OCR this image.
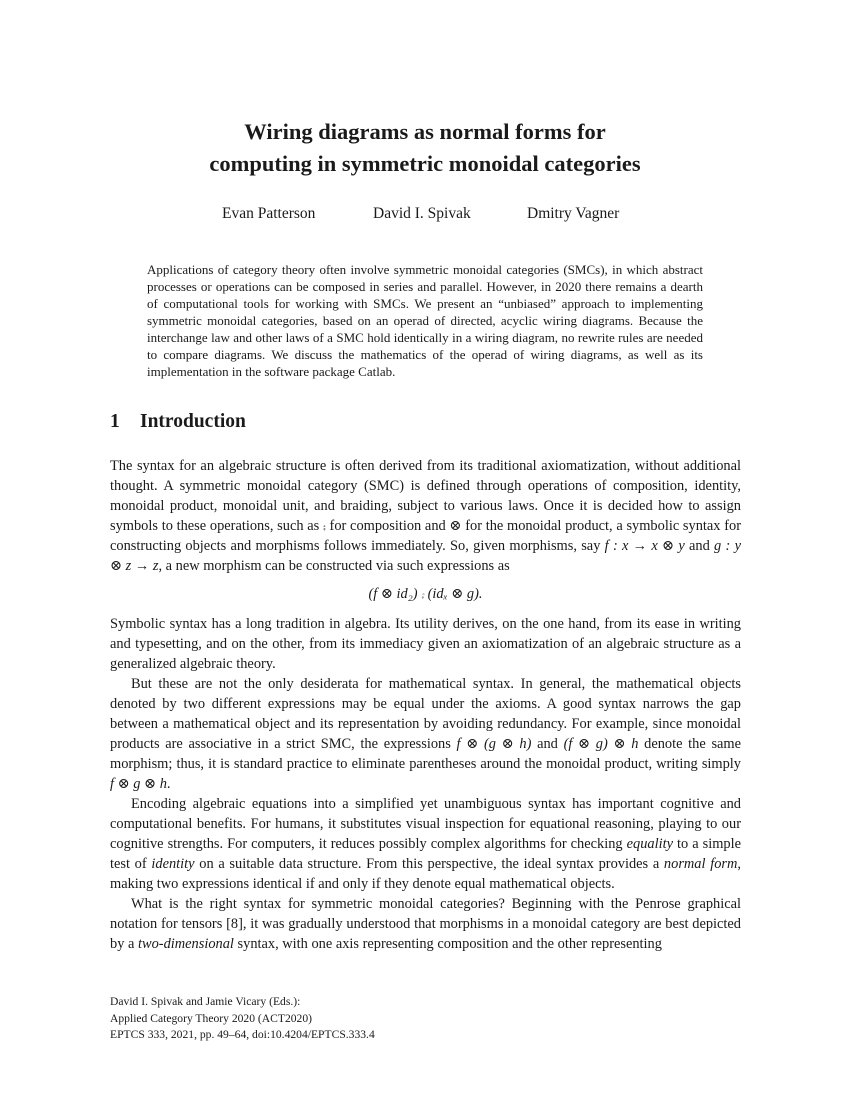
Wiring diagrams as normal forms for
computing in symmetric monoidal categories
Evan Patterson	David I. Spivak	Dmitry Vagner

Applications of category theory often involve symmetric monoidal categories (SMCs), in which abstract processes or operations can be composed in series and parallel. However, in 2020 there remains a dearth of computational tools for working with SMCs. We present an “unbiased” approach to implementing symmetric monoidal categories, based on an operad of directed, acyclic wiring diagrams. Because the interchange law and other laws of a SMC hold identically in a wiring diagram, no rewrite rules are needed to compare diagrams. We discuss the mathematics of the operad of wiring diagrams, as well as its implementation in the software package Catlab.

1 Introduction

The syntax for an algebraic structure is often derived from its traditional axiomatization, without additional thought. A symmetric monoidal category (SMC) is defined through operations of composition, identity, monoidal product, monoidal unit, and braiding, subject to various laws. Once it is decided how to assign symbols to these operations, such as ⨾ for composition and ⊗ for the monoidal product, a symbolic syntax for constructing objects and morphisms follows immediately. So, given morphisms, say f : x → x ⊗ y and g : y ⊗ z → z, a new morphism can be constructed via such expressions as

(f ⊗ id₂) ⨾ (idₓ ⊗ g).

Symbolic syntax has a long tradition in algebra. Its utility derives, on the one hand, from its ease in writing and typesetting, and on the other, from its immediacy given an axiomatization of an algebraic structure as a generalized algebraic theory.

But these are not the only desiderata for mathematical syntax. In general, the mathematical objects denoted by two different expressions may be equal under the axioms. A good syntax narrows the gap between a mathematical object and its representation by avoiding redundancy. For example, since monoidal products are associative in a strict SMC, the expressions f ⊗ (g ⊗ h) and (f ⊗ g) ⊗ h denote the same morphism; thus, it is standard practice to eliminate parentheses around the monoidal product, writing simply f ⊗ g ⊗ h.

Encoding algebraic equations into a simplified yet unambiguous syntax has important cognitive and computational benefits. For humans, it substitutes visual inspection for equational reasoning, playing to our cognitive strengths. For computers, it reduces possibly complex algorithms for checking equality to a simple test of identity on a suitable data structure. From this perspective, the ideal syntax provides a normal form, making two expressions identical if and only if they denote equal mathematical objects.

What is the right syntax for symmetric monoidal categories? Beginning with the Penrose graphical notation for tensors [8], it was gradually understood that morphisms in a monoidal category are best depicted by a two-dimensional syntax, with one axis representing composition and the other representing

David I. Spivak and Jamie Vicary (Eds.):
Applied Category Theory 2020 (ACT2020)
EPTCS 333, 2021, pp. 49–64, doi:10.4204/EPTCS.333.4
